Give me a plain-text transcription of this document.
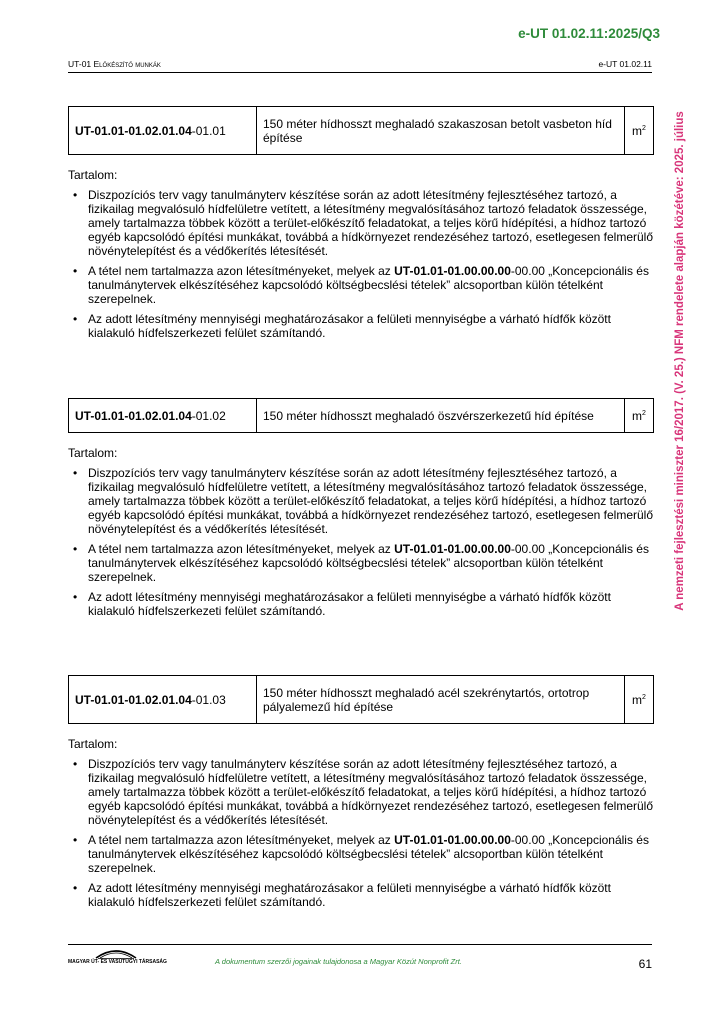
e-UT 01.02.11:2025/Q3
UT-01 Előkészítő munkák	e-UT 01.02.11
A nemzeti fejlesztési miniszter 16/2017. (V. 25.) NFM rendelete alapján közétéve: 2025. július
UT-01.01-01.02.01.04-01.01	150 méter hídhosszt meghaladó szakaszosan betolt vasbeton híd építése	$m^2$
Tartalom:
• Diszpozíciós terv vagy tanulmányterv készítése során az adott létesítmény fejlesztéséhez tartozó, a fizikailag megvalósuló hídfelületre vetített, a létesítmény megvalósításához tartozó feladatok összessége, amely tartalmazza többek között a terület-előkészítő feladatokat, a teljes körű hídépítési, a hídhoz tartozó egyéb kapcsolódó építési munkákat, továbbá a hídkörnyezet rendezéséhez tartozó, esetlegesen felmerülő növénytelepítést és a védőkerítés létesítését.
• A tétel nem tartalmazza azon létesítményeket, melyek az UT-01.01-01.00.00.00-00.00 „Koncepcionális és tanulmánytervek elkészítéséhez kapcsolódó költségbecslési tételek” alcsoportban külön tételként szerepelnek.
• Az adott létesítmény mennyiségi meghatározásakor a felületi mennyiségbe a várható hídfők között kialakuló hídfelszerkezeti felület számítandó.
UT-01.01-01.02.01.04-01.02	150 méter hídhosszt meghaladó öszvérszerkezetű híd építése	$m^2$
Tartalom:
• Diszpozíciós terv vagy tanulmányterv készítése során az adott létesítmény fejlesztéséhez tartozó, a fizikailag megvalósuló hídfelületre vetített, a létesítmény megvalósításához tartozó feladatok összessége, amely tartalmazza többek között a terület-előkészítő feladatokat, a teljes körű hídépítési, a hídhoz tartozó egyéb kapcsolódó építési munkákat, továbbá a hídkörnyezet rendezéséhez tartozó, esetlegesen felmerülő növénytelepítést és a védőkerítés létesítését.
• A tétel nem tartalmazza azon létesítményeket, melyek az UT-01.01-01.00.00.00-00.00 „Koncepcionális és tanulmánytervek elkészítéséhez kapcsolódó költségbecslési tételek” alcsoportban külön tételként szerepelnek.
• Az adott létesítmény mennyiségi meghatározásakor a felületi mennyiségbe a várható hídfők között kialakuló hídfelszerkezeti felület számítandó.
UT-01.01-01.02.01.04-01.03	150 méter hídhosszt meghaladó acél szekrénytartós, ortotrop pályalemezű híd építése	$m^2$
Tartalom:
• Diszpozíciós terv vagy tanulmányterv készítése során az adott létesítmény fejlesztéséhez tartozó, a fizikailag megvalósuló hídfelületre vetített, a létesítmény megvalósításához tartozó feladatok összessége, amely tartalmazza többek között a terület-előkészítő feladatokat, a teljes körű hídépítési, a hídhoz tartozó egyéb kapcsolódó építési munkákat, továbbá a hídkörnyezet rendezéséhez tartozó, esetlegesen felmerülő növénytelepítést és a védőkerítés létesítését.
• A tétel nem tartalmazza azon létesítményeket, melyek az UT-01.01-01.00.00.00-00.00 „Koncepcionális és tanulmánytervek elkészítéséhez kapcsolódó költségbecslési tételek” alcsoportban külön tételként szerepelnek.
• Az adott létesítmény mennyiségi meghatározásakor a felületi mennyiségbe a várható hídfők között kialakuló hídfelszerkezeti felület számítandó.
MAGYAR ÚT- ÉS VASÚTÜGYI TÁRSASÁG	A dokumentum szerzői jogainak tulajdonosa a Magyar Közút Nonprofit Zrt.	61
